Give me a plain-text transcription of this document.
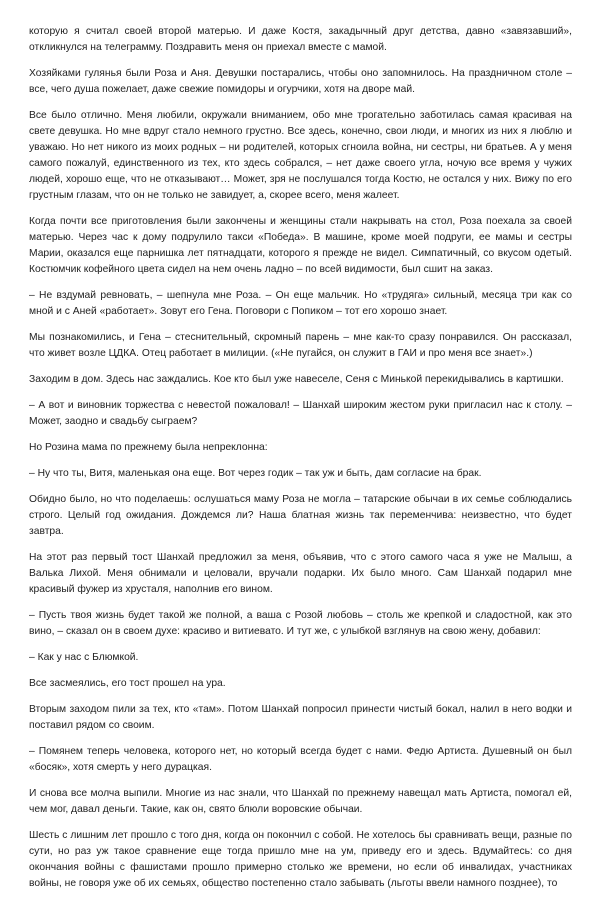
которую я считал своей второй матерью. И даже Костя, закадычный друг детства, давно «завязавший», откликнулся на телеграмму. Поздравить меня он приехал вместе с мамой.

Хозяйками гулянья были Роза и Аня. Девушки постарались, чтобы оно запомнилось. На праздничном столе – все, чего душа пожелает, даже свежие помидоры и огурчики, хотя на дворе май.

Все было отлично. Меня любили, окружали вниманием, обо мне трогательно заботилась самая красивая на свете девушка. Но мне вдруг стало немного грустно. Все здесь, конечно, свои люди, и многих из них я люблю и уважаю. Но нет никого из моих родных – ни родителей, которых сгноила война, ни сестры, ни братьев. А у меня самого пожалуй, единственного из тех, кто здесь собрался, – нет даже своего угла, ночую все время у чужих людей, хорошо еще, что не отказывают… Может, зря не послушался тогда Костю, не остался у них. Вижу по его грустным глазам, что он не только не завидует, а, скорее всего, меня жалеет.

Когда почти все приготовления были закончены и женщины стали накрывать на стол, Роза поехала за своей матерью. Через час к дому подрулило такси «Победа». В машине, кроме моей подруги, ее мамы и сестры Марии, оказался еще парнишка лет пятнадцати, которого я прежде не видел. Симпатичный, со вкусом одетый. Костюмчик кофейного цвета сидел на нем очень ладно – по всей видимости, был сшит на заказ.

– Не вздумай ревновать, – шепнула мне Роза. – Он еще мальчик. Но «трудяга» сильный, месяца три как со мной и с Аней «работает». Зовут его Гена. Поговори с Попиком – тот его хорошо знает.

Мы познакомились, и Гена – стеснительный, скромный парень – мне как-то сразу понравился. Он рассказал, что живет возле ЦДКА. Отец работает в милиции. («Не пугайся, он служит в ГАИ и про меня все знает».)

Заходим в дом. Здесь нас заждались. Кое кто был уже навеселе, Сеня с Минькой перекидывались в картишки.

– А вот и виновник торжества с невестой пожаловал! – Шанхай широким жестом руки пригласил нас к столу. – Может, заодно и свадьбу сыграем?

Но Розина мама по прежнему была непреклонна:

– Ну что ты, Витя, маленькая она еще. Вот через годик – так уж и быть, дам согласие на брак.

Обидно было, но что поделаешь: ослушаться маму Роза не могла – татарские обычаи в их семье соблюдались строго. Целый год ожидания. Дождемся ли? Наша блатная жизнь так переменчива: неизвестно, что будет завтра.

На этот раз первый тост Шанхай предложил за меня, объявив, что с этого самого часа я уже не Малыш, а Валька Лихой. Меня обнимали и целовали, вручали подарки. Их было много. Сам Шанхай подарил мне красивый фужер из хрусталя, наполнив его вином.

– Пусть твоя жизнь будет такой же полной, а ваша с Розой любовь – столь же крепкой и сладостной, как это вино, – сказал он в своем духе: красиво и витиевато. И тут же, с улыбкой взглянув на свою жену, добавил:

– Как у нас с Блюмкой.

Все засмеялись, его тост прошел на ура.

Вторым заходом пили за тех, кто «там». Потом Шанхай попросил принести чистый бокал, налил в него водки и поставил рядом со своим.

– Помянем теперь человека, которого нет, но который всегда будет с нами. Федю Артиста. Душевный он был «босяк», хотя смерть у него дурацкая.

И снова все молча выпили. Многие из нас знали, что Шанхай по прежнему навещал мать Артиста, помогал ей, чем мог, давал деньги. Такие, как он, свято блюли воровские обычаи.

Шесть с лишним лет прошло с того дня, когда он покончил с собой. Не хотелось бы сравнивать вещи, разные по сути, но раз уж такое сравнение еще тогда пришло мне на ум, приведу его и здесь. Вдумайтесь: со дня окончания войны с фашистами прошло примерно столько же времени, но если об инвалидах, участниках войны, не говоря уже об их семьях, общество постепенно стало забывать (льготы ввели намного позднее), то
